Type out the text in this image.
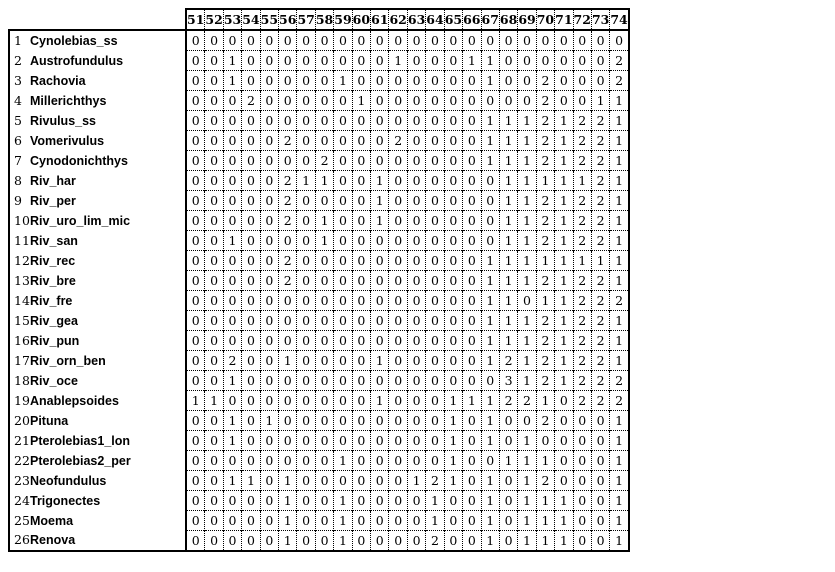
	51	52	53	54	55	56	57	58	59	60	61	62	63	64	65	66	67	68	69	70	71	72	73	74
1 Cynolebias_ss	0	0	0	0	0	0	0	0	0	0	0	0	0	0	0	0	0	0	0	0	0	0	0	0
2 Austrofundulus	0	0	1	0	0	0	0	0	0	0	0	1	0	0	0	1	1	0	0	0	0	0	0	2
3 Rachovia	0	0	1	0	0	0	0	0	1	0	0	0	0	0	0	0	1	0	0	2	0	0	0	2
4 Millerichthys	0	0	0	2	0	0	0	0	0	1	0	0	0	0	0	0	0	0	0	2	0	0	1	1
5 Rivulus_ss	0	0	0	0	0	0	0	0	0	0	0	0	0	0	0	0	1	1	1	2	1	2	2	1
6 Vomerivulus	0	0	0	0	0	2	0	0	0	0	0	2	0	0	0	0	1	1	1	2	1	2	2	1
7 Cynodonichthys	0	0	0	0	0	0	0	2	0	0	0	0	0	0	0	0	1	1	1	2	1	2	2	1
8 Riv_har	0	0	0	0	0	2	1	1	0	0	1	0	0	0	0	0	0	1	1	1	1	1	2	1
9 Riv_per	0	0	0	0	0	2	0	0	0	0	1	0	0	0	0	0	0	1	1	2	1	2	2	1
10Riv_uro_lim_mic	0	0	0	0	0	2	0	1	0	0	1	0	0	0	0	0	0	1	1	2	1	2	2	1
11Riv_san	0	0	1	0	0	0	0	1	0	0	0	0	0	0	0	0	0	1	1	2	1	2	2	1
12Riv_rec	0	0	0	0	0	2	0	0	0	0	0	0	0	0	0	0	1	1	1	1	1	1	1	1
13Riv_bre	0	0	0	0	0	2	0	0	0	0	0	0	0	0	0	0	1	1	1	2	1	2	2	1
14Riv_fre	0	0	0	0	0	0	0	0	0	0	0	0	0	0	0	0	1	1	0	1	1	2	2	2
15Riv_gea	0	0	0	0	0	0	0	0	0	0	0	0	0	0	0	0	1	1	1	2	1	2	2	1
16Riv_pun	0	0	0	0	0	0	0	0	0	0	0	0	0	0	0	0	1	1	1	2	1	2	2	1
17Riv_orn_ben	0	0	2	0	0	1	0	0	0	0	1	0	0	0	0	0	1	2	1	2	1	2	2	1
18Riv_oce	0	0	1	0	0	0	0	0	0	0	0	0	0	0	0	0	0	3	1	2	1	2	2	2
19Anablepsoides	1	1	0	0	0	0	0	0	0	0	1	0	0	0	1	1	1	2	2	1	0	2	2	2
20Pituna	0	0	1	0	1	0	0	0	0	0	0	0	0	0	1	0	1	0	0	2	0	0	0	1
21Pterolebias1_lon	0	0	1	0	0	0	0	0	0	0	0	0	0	0	1	0	1	0	1	0	0	0	0	1
22Pterolebias2_per	0	0	0	0	0	0	0	0	1	0	0	0	0	0	1	0	0	1	1	1	0	0	0	1
23Neofundulus	0	0	1	1	0	1	0	0	0	0	0	0	1	2	1	0	1	0	1	2	0	0	0	1
24Trigonectes	0	0	0	0	0	1	0	0	1	0	0	0	0	1	0	0	1	0	1	1	1	0	0	1
25Moema	0	0	0	0	0	1	0	0	1	0	0	0	0	1	0	0	1	0	1	1	1	0	0	1
26Renova	0	0	0	0	0	1	0	0	1	0	0	0	0	2	0	0	1	0	1	1	1	0	0	1
